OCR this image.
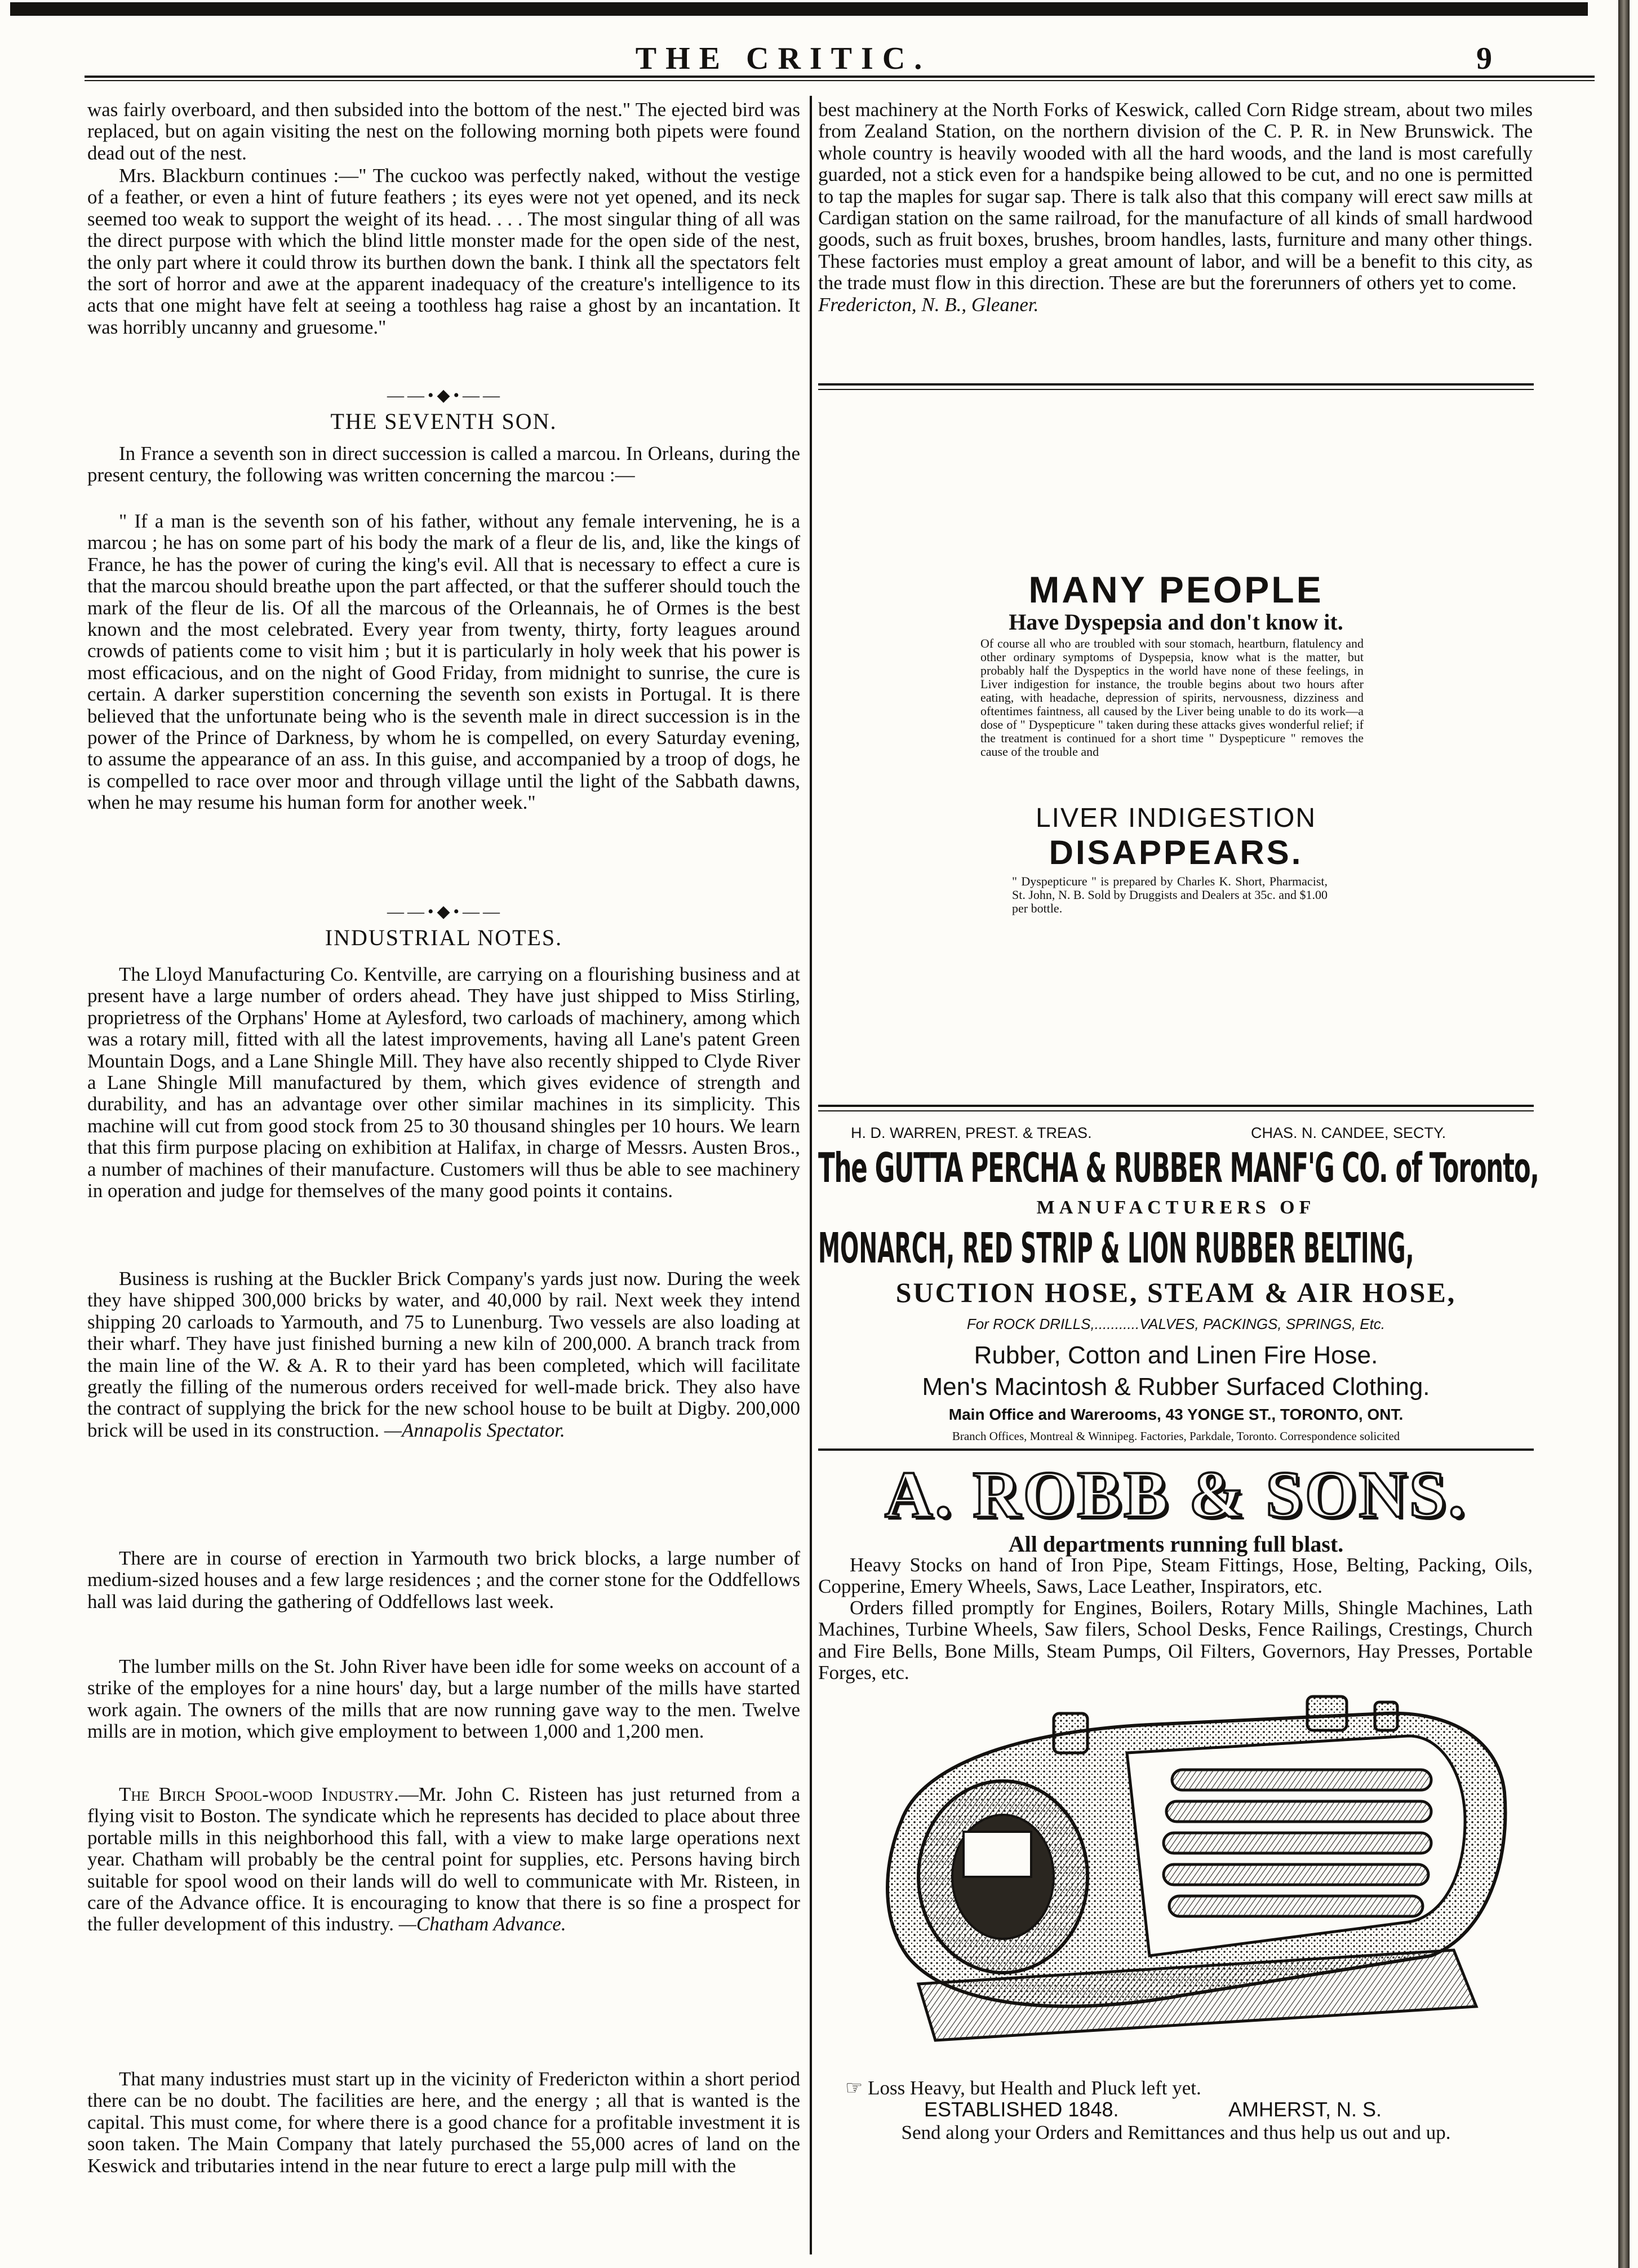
THE CRITIC.	9

was fairly overboard, and then subsided into the bottom of the nest." The ejected bird was replaced, but on again visiting the nest on the following morning both pipets were found dead out of the nest.

Mrs. Blackburn continues :—" The cuckoo was perfectly naked, without the vestige of a feather, or even a hint of future feathers ; its eyes were not yet opened, and its neck seemed too weak to support the weight of its head. . . . The most singular thing of all was the direct purpose with which the blind little monster made for the open side of the nest, the only part where it could throw its burthen down the bank. I think all the spectators felt the sort of horror and awe at the apparent inadequacy of the creature's intelligence to its acts that one might have felt at seeing a toothless hag raise a ghost by an incantation. It was horribly uncanny and gruesome."

——•◆•——
THE SEVENTH SON.

In France a seventh son in direct succession is called a marcou. In Orleans, during the present century, the following was written concerning the marcou :—

" If a man is the seventh son of his father, without any female intervening, he is a marcou ; he has on some part of his body the mark of a fleur de lis, and, like the kings of France, he has the power of curing the king's evil. All that is necessary to effect a cure is that the marcou should breathe upon the part affected, or that the sufferer should touch the mark of the fleur de lis. Of all the marcous of the Orleannais, he of Ormes is the best known and the most celebrated. Every year from twenty, thirty, forty leagues around crowds of patients come to visit him ; but it is particularly in holy week that his power is most efficacious, and on the night of Good Friday, from midnight to sunrise, the cure is certain. A darker superstition concerning the seventh son exists in Portugal. It is there believed that the unfortunate being who is the seventh male in direct succession is in the power of the Prince of Darkness, by whom he is compelled, on every Saturday evening, to assume the appearance of an ass. In this guise, and accompanied by a troop of dogs, he is compelled to race over moor and through village until the light of the Sabbath dawns, when he may resume his human form for another week."

——•◆•——
INDUSTRIAL NOTES.

The Lloyd Manufacturing Co. Kentville, are carrying on a flourishing business and at present have a large number of orders ahead. They have just shipped to Miss Stirling, proprietress of the Orphans' Home at Aylesford, two carloads of machinery, among which was a rotary mill, fitted with all the latest improvements, having all Lane's patent Green Mountain Dogs, and a Lane Shingle Mill. They have also recently shipped to Clyde River a Lane Shingle Mill manufactured by them, which gives evidence of strength and durability, and has an advantage over other similar machines in its simplicity. This machine will cut from good stock from 25 to 30 thousand shingles per 10 hours. We learn that this firm purpose placing on exhibition at Halifax, in charge of Messrs. Austen Bros., a number of machines of their manufacture. Customers will thus be able to see machinery in operation and judge for themselves of the many good points it contains.

Business is rushing at the Buckler Brick Company's yards just now. During the week they have shipped 300,000 bricks by water, and 40,000 by rail. Next week they intend shipping 20 carloads to Yarmouth, and 75 to Lunenburg. Two vessels are also loading at their wharf. They have just finished burning a new kiln of 200,000. A branch track from the main line of the W. & A. R to their yard has been completed, which will facilitate greatly the filling of the numerous orders received for well-made brick. They also have the contract of supplying the brick for the new school house to be built at Digby. 200,000 brick will be used in its construction. —Annapolis Spectator.

There are in course of erection in Yarmouth two brick blocks, a large number of medium-sized houses and a few large residences ; and the corner stone for the Oddfellows hall was laid during the gathering of Oddfellows last week.

The lumber mills on the St. John River have been idle for some weeks on account of a strike of the employes for a nine hours' day, but a large number of the mills have started work again. The owners of the mills that are now running gave way to the men. Twelve mills are in motion, which give employment to between 1,000 and 1,200 men.

The Birch Spool-wood Industry.—Mr. John C. Risteen has just returned from a flying visit to Boston. The syndicate which he represents has decided to place about three portable mills in this neighborhood this fall, with a view to make large operations next year. Chatham will probably be the central point for supplies, etc. Persons having birch suitable for spool wood on their lands will do well to communicate with Mr. Risteen, in care of the Advance office. It is encouraging to know that there is so fine a prospect for the fuller development of this industry. —Chatham Advance.

That many industries must start up in the vicinity of Fredericton within a short period there can be no doubt. The facilities are here, and the energy ; all that is wanted is the capital. This must come, for where there is a good chance for a profitable investment it is soon taken. The Main Company that lately purchased the 55,000 acres of land on the Keswick and tributaries intend in the near future to erect a large pulp mill with the

best machinery at the North Forks of Keswick, called Corn Ridge stream, about two miles from Zealand Station, on the northern division of the C. P. R. in New Brunswick. The whole country is heavily wooded with all the hard woods, and the land is most carefully guarded, not a stick even for a handspike being allowed to be cut, and no one is permitted to tap the maples for sugar sap. There is talk also that this company will erect saw mills at Cardigan station on the same railroad, for the manufacture of all kinds of small hardwood goods, such as fruit boxes, brushes, broom handles, lasts, furniture and many other things. These factories must employ a great amount of labor, and will be a benefit to this city, as the trade must flow in this direction. These are but the forerunners of others yet to come.
Fredericton, N. B., Gleaner.

MANY PEOPLE
Have Dyspepsia and don't know it.
Of course all who are troubled with sour stomach, heartburn, flatulency and other ordinary symptoms of Dyspepsia, know what is the matter, but probably half the Dyspeptics in the world have none of these feelings, in Liver indigestion for instance, the trouble begins about two hours after eating, with headache, depression of spirits, nervousness, dizziness and oftentimes faintness, all caused by the Liver being unable to do its work—a dose of " Dyspepticure " taken during these attacks gives wonderful relief; if the treatment is continued for a short time " Dyspepticure " removes the cause of the trouble and
LIVER INDIGESTION
DISAPPEARS.
" Dyspepticure " is prepared by Charles K. Short, Pharmacist, St. John, N. B. Sold by Druggists and Dealers at 35c. and $1.00 per bottle.
H. D. WARREN, PREST. & TREAS.	CHAS. N. CANDEE, SECTY.
The GUTTA PERCHA & RUBBER MANF'G CO. of Toronto,
MANUFACTURERS OF
MONARCH, RED STRIP & LION RUBBER BELTING,
SUCTION HOSE, STEAM & AIR HOSE,
For ROCK DRILLS,...........VALVES, PACKINGS, SPRINGS, Etc.
Rubber, Cotton and Linen Fire Hose.
Men's Macintosh & Rubber Surfaced Clothing.
Main Office and Warerooms, 43 YONGE ST., TORONTO, ONT.
Branch Offices, Montreal & Winnipeg. Factories, Parkdale, Toronto. Correspondence solicited
A. ROBB & SONS.
All departments running full blast.

Heavy Stocks on hand of Iron Pipe, Steam Fittings, Hose, Belting, Packing, Oils, Copperine, Emery Wheels, Saws, Lace Leather, Inspirators, etc.

Orders filled promptly for Engines, Boilers, Rotary Mills, Shingle Machines, Lath Machines, Turbine Wheels, Saw filers, School Desks, Fence Railings, Crestings, Church and Fire Bells, Bone Mills, Steam Pumps, Oil Filters, Governors, Hay Presses, Portable Forges, etc.

☞ Loss Heavy, but Health and Pluck left yet.
ESTABLISHED 1848.	AMHERST, N. S.
Send along your Orders and Remittances and thus help us out and up.
